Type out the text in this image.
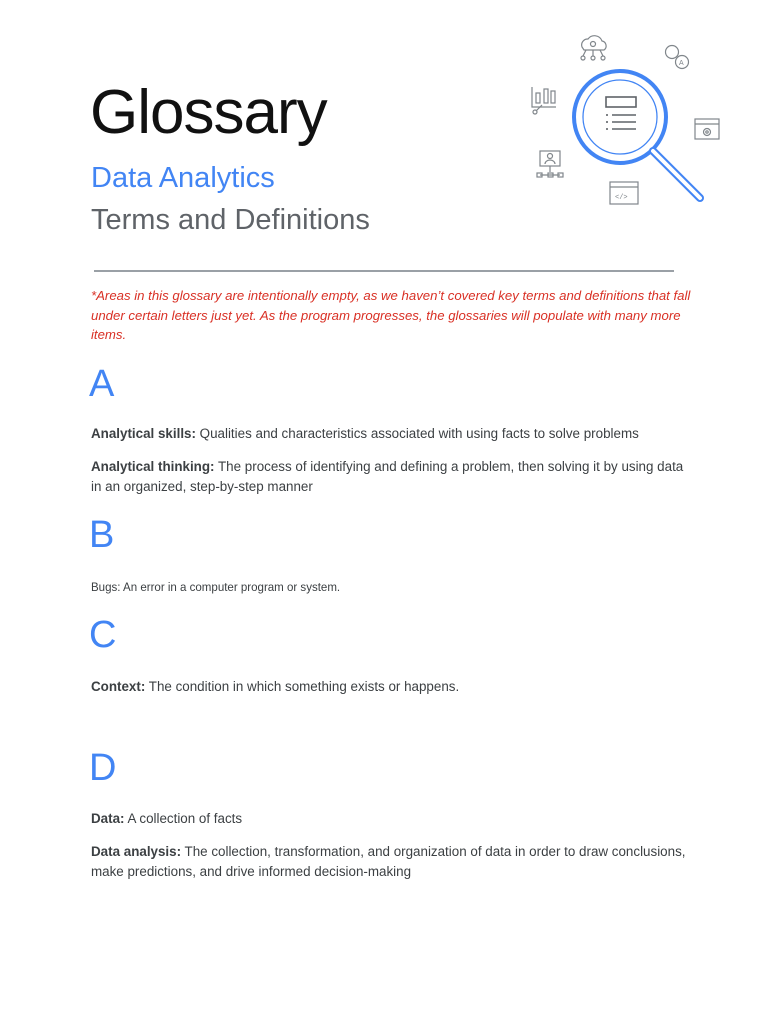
Glossary
Data Analytics
Terms and Definitions
A
</>

*Areas in this glossary are intentionally empty, as we haven’t covered key terms and definitions that fall under certain letters just yet. As the program progresses, the glossaries will populate with many more items.

A

Analytical skills: Qualities and characteristics associated with using facts to solve problems

Analytical thinking: The process of identifying and defining a problem, then solving it by using data in an organized, step-by-step manner

B

Bugs: An error in a computer program or system.

C

Context: The condition in which something exists or happens.

D

Data: A collection of facts

Data analysis: The collection, transformation, and organization of data in order to draw conclusions, make predictions, and drive informed decision-making
